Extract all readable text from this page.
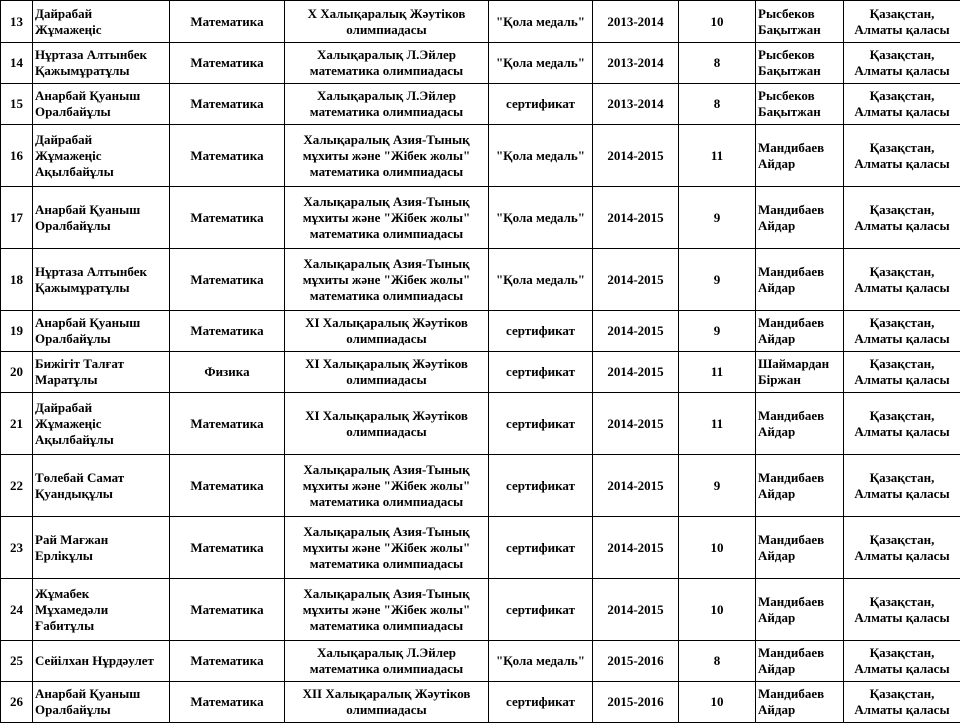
13	Дайрабай
Жұмажеңіс	Математика	Х Халықаралық Жәутіков
олимпиадасы	"Қола медаль"	2013-2014	10	Рысбеков
Бақытжан	Қазақстан,
Алматы қаласы

14	Нұртаза Алтынбек
Қажымұратұлы	Математика	Халықаралық Л.Эйлер
математика олимпиадасы	"Қола медаль"	2013-2014	8	Рысбеков
Бақытжан	Қазақстан,
Алматы қаласы

15	Анарбай Қуаныш
Оралбайұлы	Математика	Халықаралық Л.Эйлер
математика олимпиадасы	сертификат	2013-2014	8	Рысбеков
Бақытжан	Қазақстан,
Алматы қаласы

16	Дайрабай
Жұмажеңіс
Ақылбайұлы	Математика	Халықаралық Азия-Тынық
мұхиты және "Жібек жолы"
математика олимпиадасы	"Қола медаль"	2014-2015	11	Мандибаев
Айдар	Қазақстан,
Алматы қаласы

17	Анарбай Қуаныш
Оралбайұлы	Математика	Халықаралық Азия-Тынық
мұхиты және "Жібек жолы"
математика олимпиадасы	"Қола медаль"	2014-2015	9	Мандибаев
Айдар	Қазақстан,
Алматы қаласы

18	Нұртаза Алтынбек
Қажымұратұлы	Математика	Халықаралық Азия-Тынық
мұхиты және "Жібек жолы"
математика олимпиадасы	"Қола медаль"	2014-2015	9	Мандибаев
Айдар	Қазақстан,
Алматы қаласы

19	Анарбай Қуаныш
Оралбайұлы	Математика	XI Халықаралық Жәутіков
олимпиадасы	сертификат	2014-2015	9	Мандибаев
Айдар	Қазақстан,
Алматы қаласы

20	Бижігіт Талғат
Маратұлы	Физика	XI Халықаралық Жәутіков
олимпиадасы	сертификат	2014-2015	11	Шаймардан
Біржан	Қазақстан,
Алматы қаласы

21	Дайрабай
Жұмажеңіс
Ақылбайұлы	Математика	XI Халықаралық Жәутіков
олимпиадасы	сертификат	2014-2015	11	Мандибаев
Айдар	Қазақстан,
Алматы қаласы

22	Төлебай Самат
Қуандықұлы	Математика	Халықаралық Азия-Тынық
мұхиты және "Жібек жолы"
математика олимпиадасы	сертификат	2014-2015	9	Мандибаев
Айдар	Қазақстан,
Алматы қаласы

23	Рай Мағжан
Ерлікұлы	Математика	Халықаралық Азия-Тынық
мұхиты және "Жібек жолы"
математика олимпиадасы	сертификат	2014-2015	10	Мандибаев
Айдар	Қазақстан,
Алматы қаласы

24	Жұмабек
Мұхамедәли
Ғабитұлы	Математика	Халықаралық Азия-Тынық
мұхиты және "Жібек жолы"
математика олимпиадасы	сертификат	2014-2015	10	Мандибаев
Айдар	Қазақстан,
Алматы қаласы

25	Сейілхан Нұрдәулет	Математика	Халықаралық Л.Эйлер
математика олимпиадасы	"Қола медаль"	2015-2016	8	Мандибаев
Айдар	Қазақстан,
Алматы қаласы

26	Анарбай Қуаныш
Оралбайұлы	Математика	XII Халықаралық Жәутіков
олимпиадасы	сертификат	2015-2016	10	Мандибаев
Айдар	Қазақстан,
Алматы қаласы
